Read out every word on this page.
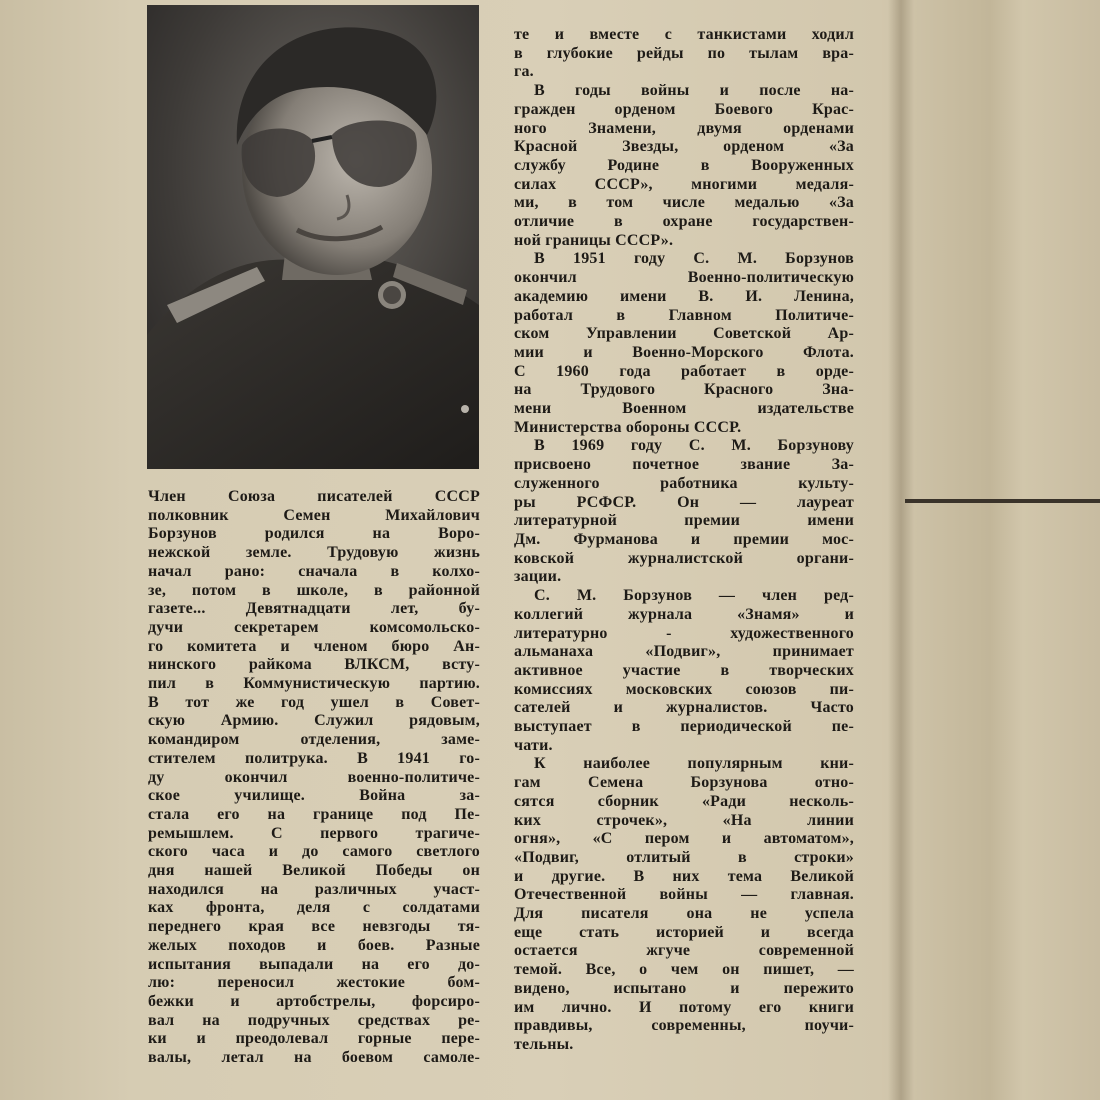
Член Союза писателей СССР
полковник Семен Михайлович
Борзунов родился на Воро-
нежской земле. Трудовую жизнь
начал рано: сначала в колхо-
зе, потом в школе, в районной
газете... Девятнадцати лет, бу-
дучи секретарем комсомольско-
го комитета и членом бюро Ан-
нинского райкома ВЛКСМ, всту-
пил в Коммунистическую партию.
В тот же год ушел в Совет-
скую Армию. Служил рядовым,
командиром отделения, заме-
стителем политрука. В 1941 го-
ду окончил военно-политиче-
ское училище. Война за-
стала его на границе под Пе-
ремышлем. С первого трагиче-
ского часа и до самого светлого
дня нашей Великой Победы он
находился на различных участ-
ках фронта, деля с солдатами
переднего края все невзгоды тя-
желых походов и боев. Разные
испытания выпадали на его до-
лю: переносил жестокие бом-
бежки и артобстрелы, форсиро-
вал на подручных средствах ре-
ки и преодолевал горные пере-
валы, летал на боевом самоле-
те и вместе с танкистами ходил
в глубокие рейды по тылам вра-
га.
В годы войны и после на-
гражден орденом Боевого Крас-
ного Знамени, двумя орденами
Красной Звезды, орденом «За
службу Родине в Вооруженных
силах СССР», многими медаля-
ми, в том числе медалью «За
отличие в охране государствен-
ной границы СССР».
В 1951 году С. М. Борзунов
окончил Военно-политическую
академию имени В. И. Ленина,
работал в Главном Политиче-
ском Управлении Советской Ар-
мии и Военно-Морского Флота.
С 1960 года работает в орде-
на Трудового Красного Зна-
мени Военном издательстве
Министерства обороны СССР.
В 1969 году С. М. Борзунову
присвоено почетное звание За-
служенного работника культу-
ры РСФСР. Он — лауреат
литературной премии имени
Дм. Фурманова и премии мос-
ковской журналистской органи-
зации.
С. М. Борзунов — член ред-
коллегий журнала «Знамя» и
литературно - художественного
альманаха «Подвиг», принимает
активное участие в творческих
комиссиях московских союзов пи-
сателей и журналистов. Часто
выступает в периодической пе-
чати.
К наиболее популярным кни-
гам Семена Борзунова отно-
сятся сборник «Ради несколь-
ких строчек», «На линии
огня», «С пером и автоматом»,
«Подвиг, отлитый в строки»
и другие. В них тема Великой
Отечественной войны — главная.
Для писателя она не успела
еще стать историей и всегда
остается жгуче современной
темой. Все, о чем он пишет, —
видено, испытано и пережито
им лично. И потому его книги
правдивы, современны, поучи-
тельны.
